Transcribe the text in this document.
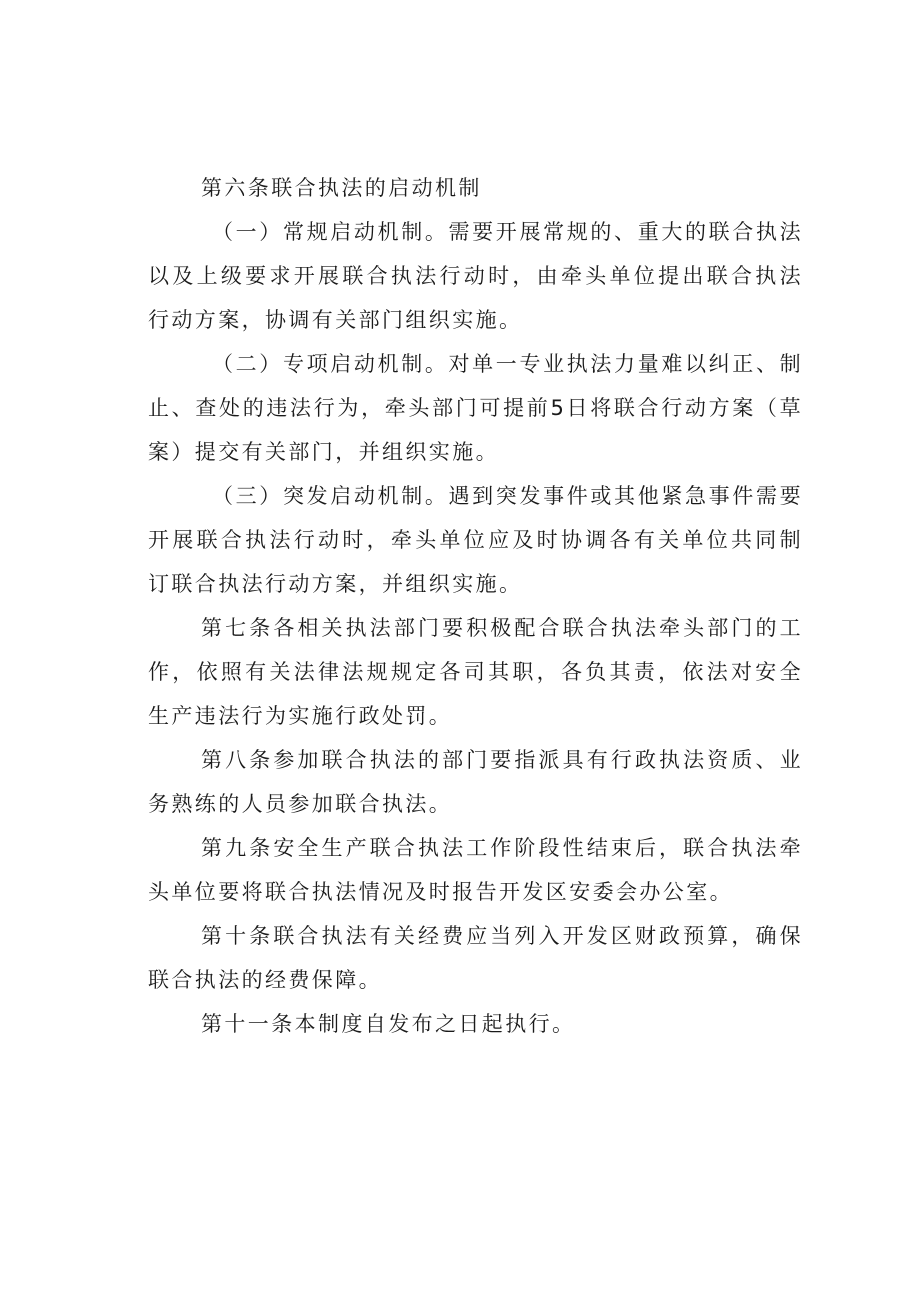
第六条联合执法的启动机制

（一）常规启动机制。需要开展常规的、重大的联合执法以及上级要求开展联合执法行动时，由牵头单位提出联合执法行动方案，协调有关部门组织实施。

（二）专项启动机制。对单一专业执法力量难以纠正、制止、查处的违法行为，牵头部门可提前5日将联合行动方案（草案）提交有关部门，并组织实施。

（三）突发启动机制。遇到突发事件或其他紧急事件需要开展联合执法行动时，牵头单位应及时协调各有关单位共同制订联合执法行动方案，并组织实施。

第七条各相关执法部门要积极配合联合执法牵头部门的工作，依照有关法律法规规定各司其职，各负其责，依法对安全生产违法行为实施行政处罚。

第八条参加联合执法的部门要指派具有行政执法资质、业务熟练的人员参加联合执法。

第九条安全生产联合执法工作阶段性结束后，联合执法牵头单位要将联合执法情况及时报告开发区安委会办公室。

第十条联合执法有关经费应当列入开发区财政预算，确保联合执法的经费保障。

第十一条本制度自发布之日起执行。
